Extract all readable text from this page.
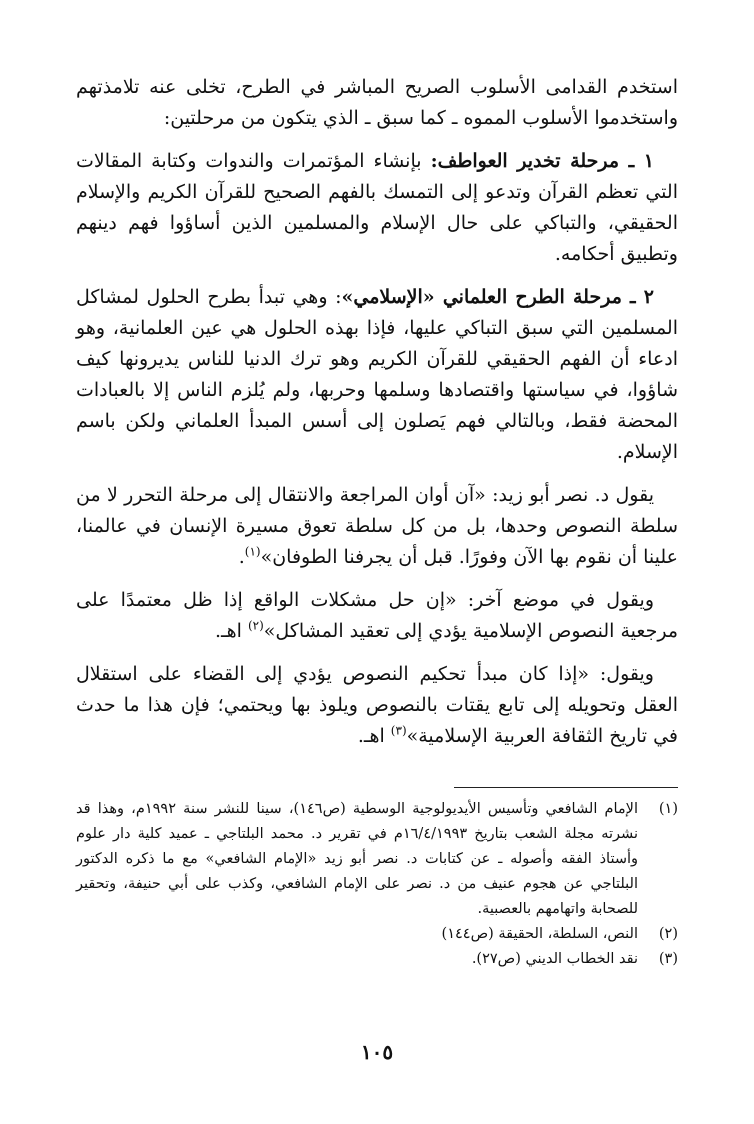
استخدم القدامى الأسلوب الصريح المباشر في الطرح، تخلى عنه تلامذتهم واستخدموا الأسلوب المموه ـ كما سبق ـ الذي يتكون من مرحلتين:

١ ـ مرحلة تخدير العواطف: بإنشاء المؤتمرات والندوات وكتابة المقالات التي تعظم القرآن وتدعو إلى التمسك بالفهم الصحيح للقرآن الكريم والإسلام الحقيقي، والتباكي على حال الإسلام والمسلمين الذين أساؤوا فهم دينهم وتطبيق أحكامه.

٢ ـ مرحلة الطرح العلماني «الإسلامي»: وهي تبدأ بطرح الحلول لمشاكل المسلمين التي سبق التباكي عليها، فإذا بهذه الحلول هي عين العلمانية، وهو ادعاء أن الفهم الحقيقي للقرآن الكريم وهو ترك الدنيا للناس يديرونها كيف شاؤوا، في سياستها واقتصادها وسلمها وحربها، ولم يُلزم الناس إلا بالعبادات المحضة فقط، وبالتالي فهم يَصلون إلى أسس المبدأ العلماني ولكن باسم الإسلام.

يقول د. نصر أبو زيد: «آن أوان المراجعة والانتقال إلى مرحلة التحرر لا من سلطة النصوص وحدها، بل من كل سلطة تعوق مسيرة الإنسان في عالمنا، علينا أن نقوم بها الآن وفورًا. قبل أن يجرفنا الطوفان»$^{(١)}$.

ويقول في موضع آخر: «إن حل مشكلات الواقع إذا ظل معتمدًا على مرجعية النصوص الإسلامية يؤدي إلى تعقيد المشاكل»$^{(٢)}$ اهـ.

ويقول: «إذا كان مبدأ تحكيم النصوص يؤدي إلى القضاء على استقلال العقل وتحويله إلى تابع يقتات بالنصوص ويلوذ بها ويحتمي؛ فإن هذا ما حدث في تاريخ الثقافة العربية الإسلامية»$^{(٣)}$ اهـ.

(١)
الإمام الشافعي وتأسيس الأيديولوجية الوسطية (ص١٤٦)، سينا للنشر سنة ١٩٩٢م، وهذا قد نشرته مجلة الشعب بتاريخ ١٦/٤/١٩٩٣م في تقرير د. محمد البلتاجي ـ عميد كلية دار علوم وأستاذ الفقه وأصوله ـ عن كتابات د. نصر أبو زيد «الإمام الشافعي» مع ما ذكره الدكتور البلتاجي عن هجوم عنيف من د. نصر على الإمام الشافعي، وكذب على أبي حنيفة، وتحقير للصحابة واتهامهم بالعصبية.
(٢)
النص، السلطة، الحقيقة (ص١٤٤)
(٣)
نقد الخطاب الديني (ص٢٧).
١٠٥
